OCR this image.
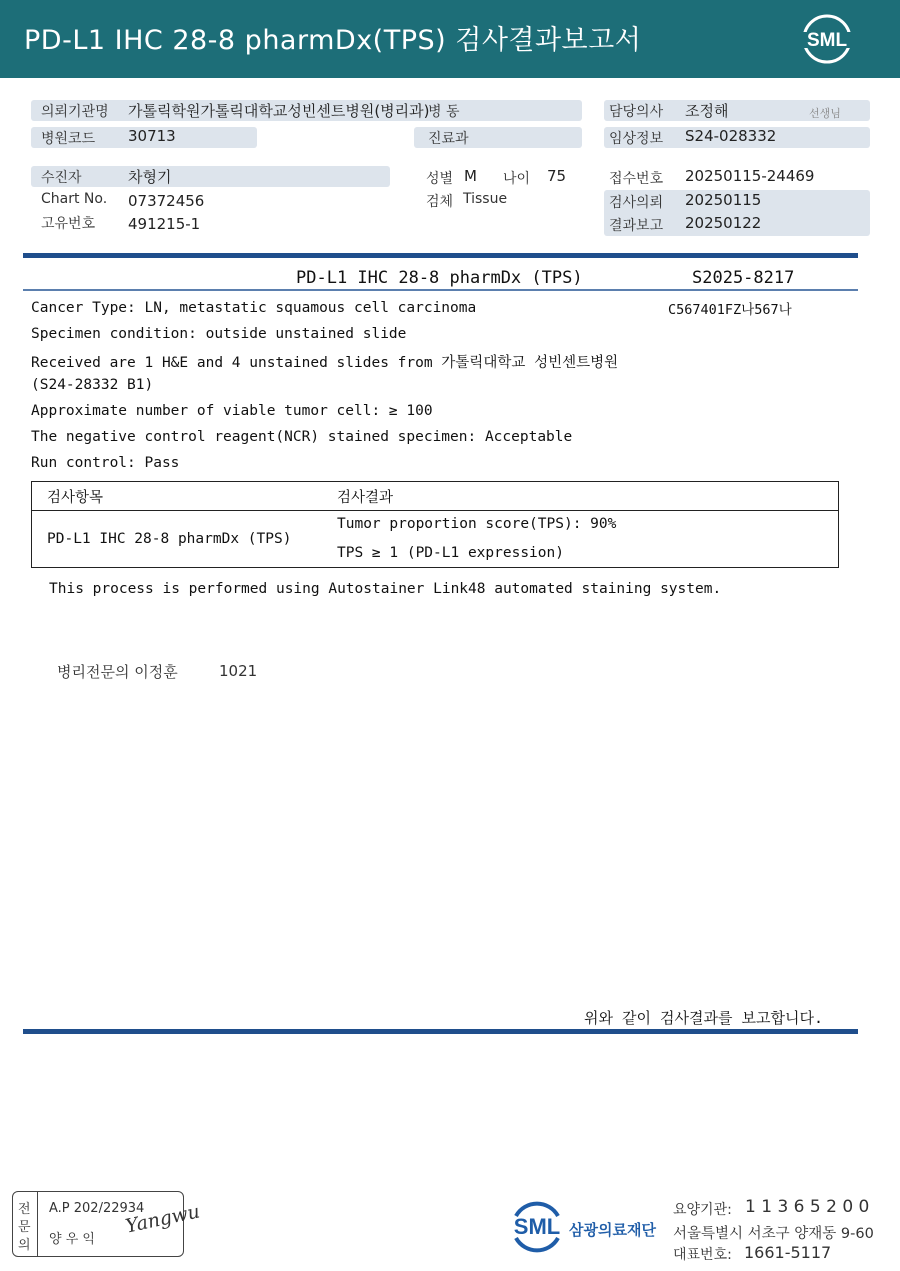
PD-L1 IHC 28-8 pharmDx(TPS) 검사결과보고서	SML
의뢰기관명 가톨릭학원가톨릭대학교성빈센트병원(병리과)
병 동	담당의사 조정해	선생님
병원코드 30713	진료과	임상정보 S24-028332
수진자	차형기	성별 M 나이 75	접수번호 20250115-24469
Chart No. 07372456	검체 Tissue	검사의뢰 20250115
고유번호 491215-1	결과보고 20250122
PD-L1 IHC 28-8 pharmDx (TPS)	S2025-8217
C567401FZ나567나
Cancer Type: LN, metastatic squamous cell carcinoma
Specimen condition: outside unstained slide
Received are 1 H&E and 4 unstained slides from 가톨릭대학교 성빈센트병원
(S24-28332 B1)
Approximate number of viable tumor cell: ≥ 100
The negative control reagent(NCR) stained specimen: Acceptable
Run control: Pass
검사항목	검사결과
PD-L1 IHC 28-8 pharmDx (TPS)
Tumor proportion score(TPS): 90%
TPS ≥ 1 (PD-L1 expression)
This process is performed using Autostainer Link48 automated staining system.
병리전문의 이정훈	1021
위와 같이 검사결과를 보고합니다.
전
문
의
A.P 202/22934
양 우 익
Yangwu	SML 삼광의료재단
요양기관: 1 1 3 6 5 2 0 0
서울특별시 서초구 양재동 9-60
대표번호: 1661-5117
